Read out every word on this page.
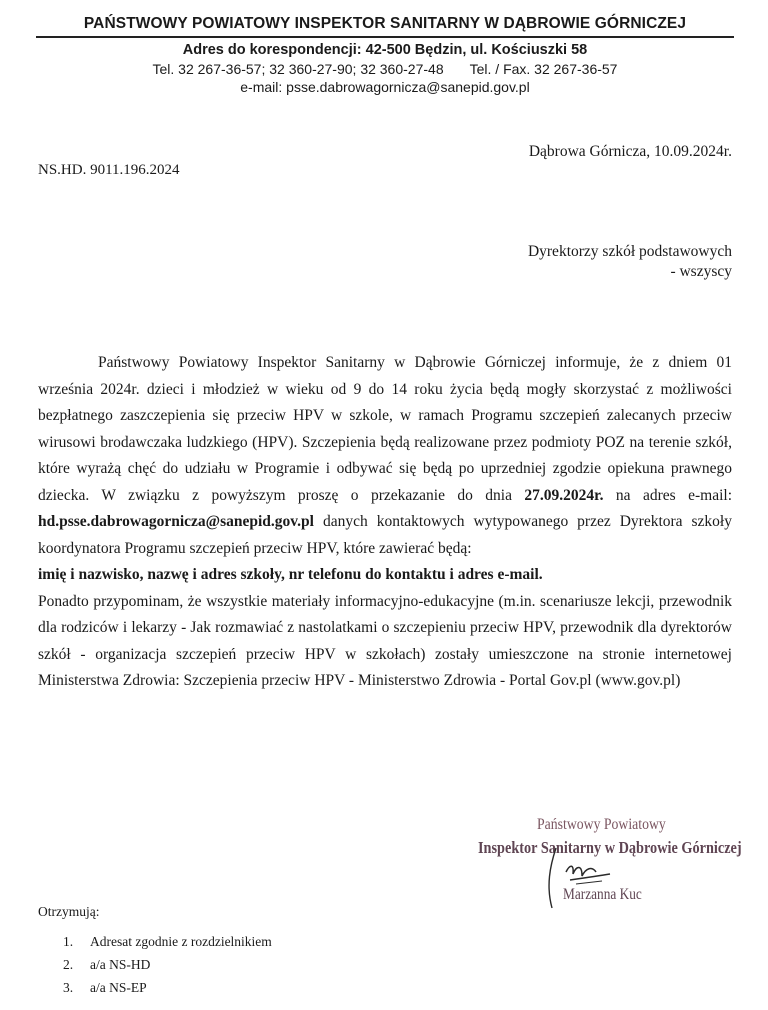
PAŃSTWOWY POWIATOWY INSPEKTOR SANITARNY W DĄBROWIE GÓRNICZEJ
Adres do korespondencji: 42-500 Będzin, ul. Kościuszki 58
Tel. 32 267-36-57; 32 360-27-90; 32 360-27-48 Tel. / Fax. 32 267-36-57
e-mail: psse.dabrowagornicza@sanepid.gov.pl
Dąbrowa Górnicza, 10.09.2024r.
NS.HD. 9011.196.2024
Dyrektorzy szkół podstawowych
- wszyscy

Państwowy Powiatowy Inspektor Sanitarny w Dąbrowie Górniczej informuje, że z dniem 01 września 2024r. dzieci i młodzież w wieku od 9 do 14 roku życia będą mogły skorzystać z możliwości bezpłatnego zaszczepienia się przeciw HPV w szkole, w ramach Programu szczepień zalecanych przeciw wirusowi brodawczaka ludzkiego (HPV). Szczepienia będą realizowane przez podmioty POZ na terenie szkół, które wyrażą chęć do udziału w Programie i odbywać się będą po uprzedniej zgodzie opiekuna prawnego dziecka. W związku z powyższym proszę o przekazanie do dnia 27.09.2024r. na adres e-mail: hd.psse.dabrowagornicza@sanepid.gov.pl danych kontaktowych wytypowanego przez Dyrektora szkoły koordynatora Programu szczepień przeciw HPV, które zawierać będą:

imię i nazwisko, nazwę i adres szkoły, nr telefonu do kontaktu i adres e-mail.

Ponadto przypominam, że wszystkie materiały informacyjno-edukacyjne (m.in. scenariusze lekcji, przewodnik dla rodziców i lekarzy - Jak rozmawiać z nastolatkami o szczepieniu przeciw HPV, przewodnik dla dyrektorów szkół - organizacja szczepień przeciw HPV w szkołach) zostały umieszczone na stronie internetowej Ministerstwa Zdrowia: Szczepienia przeciw HPV - Ministerstwo Zdrowia - Portal Gov.pl (www.gov.pl)

Państwowy Powiatowy
Inspektor Sanitarny w Dąbrowie Górniczej
Marzanna Kuc
Otrzymują:
1. Adresat zgodnie z rozdzielnikiem
2. a/a NS-HD
3. a/a NS-EP
